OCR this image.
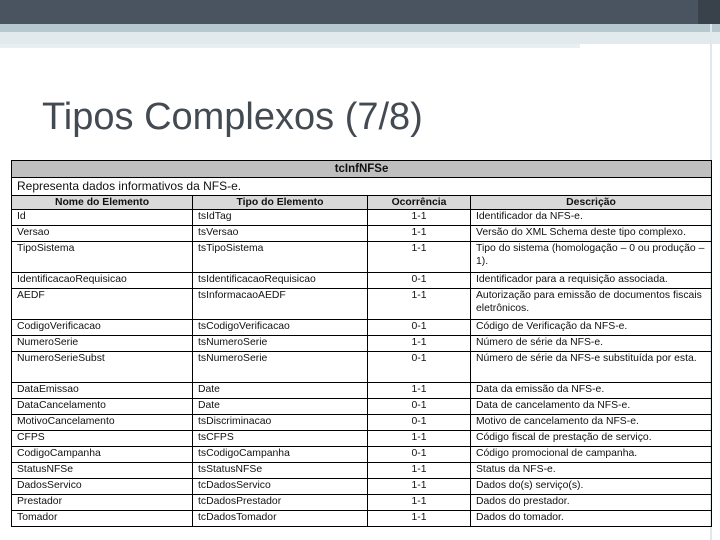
Tipos Complexos (7/8)
tcInfNFSe			
Representa dados informativos da NFS-e.			
Nome do Elemento	Tipo do Elemento	Ocorrência	Descrição
Id	tsIdTag	1-1	Identificador da NFS-e.
Versao	tsVersao	1-1	Versão do XML Schema deste tipo complexo.
TipoSistema	tsTipoSistema	1-1	Tipo do sistema (homologação – 0 ou produção – 1).
IdentificacaoRequisicao	tsIdentificacaoRequisicao	0-1	Identificador para a requisição associada.
AEDF	tsInformacaoAEDF	1-1	Autorização para emissão de documentos fiscais eletrônicos.
CodigoVerificacao	tsCodigoVerificacao	0-1	Código de Verificação da NFS-e.
NumeroSerie	tsNumeroSerie	1-1	Número de série da NFS-e.
NumeroSerieSubst	tsNumeroSerie	0-1	Número de série da NFS-e substituída por esta.
DataEmissao	Date	1-1	Data da emissão da NFS-e.
DataCancelamento	Date	0-1	Data de cancelamento da NFS-e.
MotivoCancelamento	tsDiscriminacao	0-1	Motivo de cancelamento da NFS-e.
CFPS	tsCFPS	1-1	Código fiscal de prestação de serviço.
CodigoCampanha	tsCodigoCampanha	0-1	Código promocional de campanha.
StatusNFSe	tsStatusNFSe	1-1	Status da NFS-e.
DadosServico	tcDadosServico	1-1	Dados do(s) serviço(s).
Prestador	tcDadosPrestador	1-1	Dados do prestador.
Tomador	tcDadosTomador	1-1	Dados do tomador.
